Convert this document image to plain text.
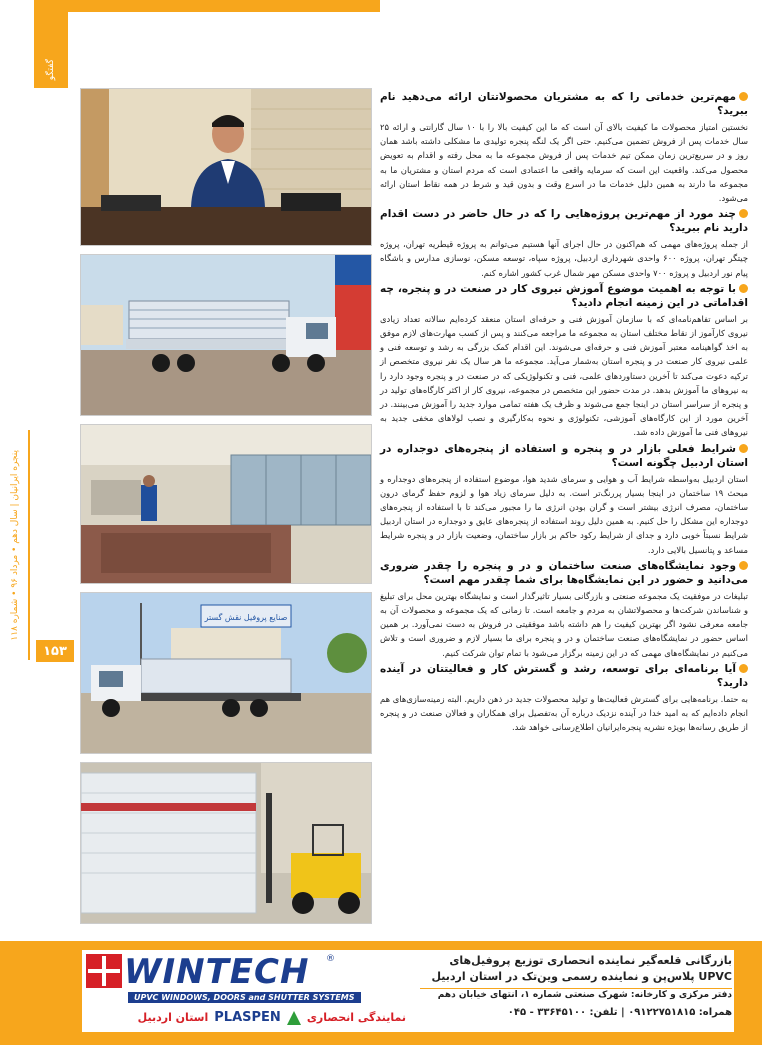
گفتگو
پنجره ایرانیان | سال دهم • مرداد ۹۶ • شماره ۱۱۸
۱۵۳
صنایع پروفیل نقش گستر
مهم‌ترین خدماتی را که به مشتریان محصولاتتان ارائه می‌دهید نام ببرید؟
نخستین امتیاز محصولات ما کیفیت بالای آن است که ما این کیفیت بالا را با ۱۰ سال گارانتی و ارائه ۲۵ سال خدمات پس از فروش تضمین می‌کنیم. حتی اگر یک لنگه پنجره تولیدی ما مشکلی داشته باشد همان روز و در سریع‌ترین زمان ممکن تیم خدمات پس از فروش مجموعه ما به محل رفته و اقدام به تعویض محصول می‌کند. واقعیت این است که سرمایه واقعی ما اعتمادی است که مردم استان و مشتریان ما به مجموعه ما دارند به همین دلیل خدمات ما در اسرع وقت و بدون قید و شرط در همه نقاط استان ارائه می‌شود.
چند مورد از مهم‌ترین پروژه‌هایی را که در حال حاضر در دست اقدام دارید نام ببرید؟
از جمله پروژه‌های مهمی که هم‌اکنون در حال اجرای آنها هستیم می‌توانم به پروژه قیطریه تهران، پروژه چیتگر تهران، پروژه ۶۰۰ واحدی شهرداری اردبیل، پروژه سپاه، توسعه مسکن، نوسازی مدارس و باشگاه پیام نور اردبیل و پروژه ۷۰۰ واحدی مسکن مهر شمال غرب کشور اشاره کنم.
با توجه به اهمیت موضوع آموزش نیروی کار در صنعت در و پنجره، چه اقداماتی در این زمینه انجام دادید؟
بر اساس تفاهم‌نامه‌ای که با سازمان آموزش فنی و حرفه‌ای استان منعقد کرده‌ایم سالانه تعداد زیادی نیروی کارآموز از نقاط مختلف استان به مجموعه ما مراجعه می‌کنند و پس از کسب مهارت‌های لازم موفق به اخذ گواهینامه معتبر آموزش فنی و حرفه‌ای می‌شوند. این اقدام کمک بزرگی به رشد و توسعه فنی و علمی نیروی کار صنعت در و پنجره استان به‌شمار می‌آید. مجموعه ما هر سال یک نفر نیروی متخصص از ترکیه دعوت می‌کند تا آخرین دستاوردهای علمی، فنی و تکنولوژیکی که در صنعت در و پنجره وجود دارد را به نیروهای ما آموزش بدهد. در مدت حضور این متخصص در مجموعه، نیروی کار از اکثر کارگاه‌های تولید در و پنجره از سراسر استان در اینجا جمع می‌شوند و ظرف یک هفته تمامی موارد جدید را آموزش می‌بینند. در آخرین مورد از این کارگاه‌های آموزشی، تکنولوژی و نحوه به‌کارگیری و نصب لولاهای مخفی جدید به نیروهای فنی ما آموزش داده شد.
شرایط فعلی بازار در و پنجره و استفاده از پنجره‌های دوجداره در استان اردبیل چگونه است؟
استان اردبیل به‌واسطه شرایط آب و هوایی و سرمای شدید هوا، موضوع استفاده از پنجره‌های دوجداره و مبحث ۱۹ ساختمان در اینجا بسیار پررنگ‌تر است. به دلیل سرمای زیاد هوا و لزوم حفظ گرمای درون ساختمان، مصرف انرژی بیشتر است و گران بودن انرژی ما را مجبور می‌کند تا با استفاده از پنجره‌های دوجداره این مشکل را حل کنیم. به همین دلیل روند استفاده از پنجره‌های عایق و دوجداره در استان اردبیل شرایط نسبتاً خوبی دارد و جدای از شرایط رکود حاکم بر بازار ساختمان، وضعیت بازار در و پنجره شرایط مساعد و پتانسیل بالایی دارد.
وجود نمایشگاه‌های صنعت ساختمان و در و پنجره را چقدر ضروری می‌دانید و حضور در این نمایشگاه‌ها برای شما چقدر مهم است؟
تبلیغات در موفقیت یک مجموعه صنعتی و بازرگانی بسیار تاثیرگذار است و نمایشگاه بهترین محل برای تبلیغ و شناساندن شرکت‌ها و محصولاتشان به مردم و جامعه است. تا زمانی که یک مجموعه و محصولات آن به جامعه معرفی نشود اگر بهترین کیفیت را هم داشته باشد موفقیتی در فروش به دست نمی‌آورد. بر همین اساس حضور در نمایشگاه‌های صنعت ساختمان و در و پنجره برای ما بسیار لازم و ضروری است و تلاش می‌کنیم در نمایشگاه‌های مهمی که در این زمینه برگزار می‌شود با تمام توان شرکت کنیم.
آیا برنامه‌ای برای توسعه، رشد و گسترش کار و فعالیتتان در آینده دارید؟
به حتما. برنامه‌هایی برای گسترش فعالیت‌ها و تولید محصولات جدید در ذهن داریم. البته زمینه‌سازی‌های هم انجام داده‌ایم که به امید خدا در آینده نزدیک درباره آن به‌تفصیل برای همکاران و فعالان صنعت در و پنجره از طریق رسانه‌ها بویژه نشریه پنجره‌ایرانیان اطلاع‌رسانی خواهد شد.
WINTECH ®
UPVC WINDOWS, DOORS and SHUTTER SYSTEMS
نمایندگی انحصاری
PLASPEN
استان اردبیل
بازرگانی قلعه‌گیر نماینده انحصاری توزیع پروفیل‌های
UPVC پلاس‌پن و نماینده رسمی وین‌تک در استان اردبیل
دفتر مرکزی و کارخانه: شهرک صنعتی شماره ۱، انتهای خیابان دهم
همراه: ۰۹۱۲۲۷۵۱۸۱۵ | تلفن: ۳۳۶۴۵۱۰۰ - ۰۴۵
